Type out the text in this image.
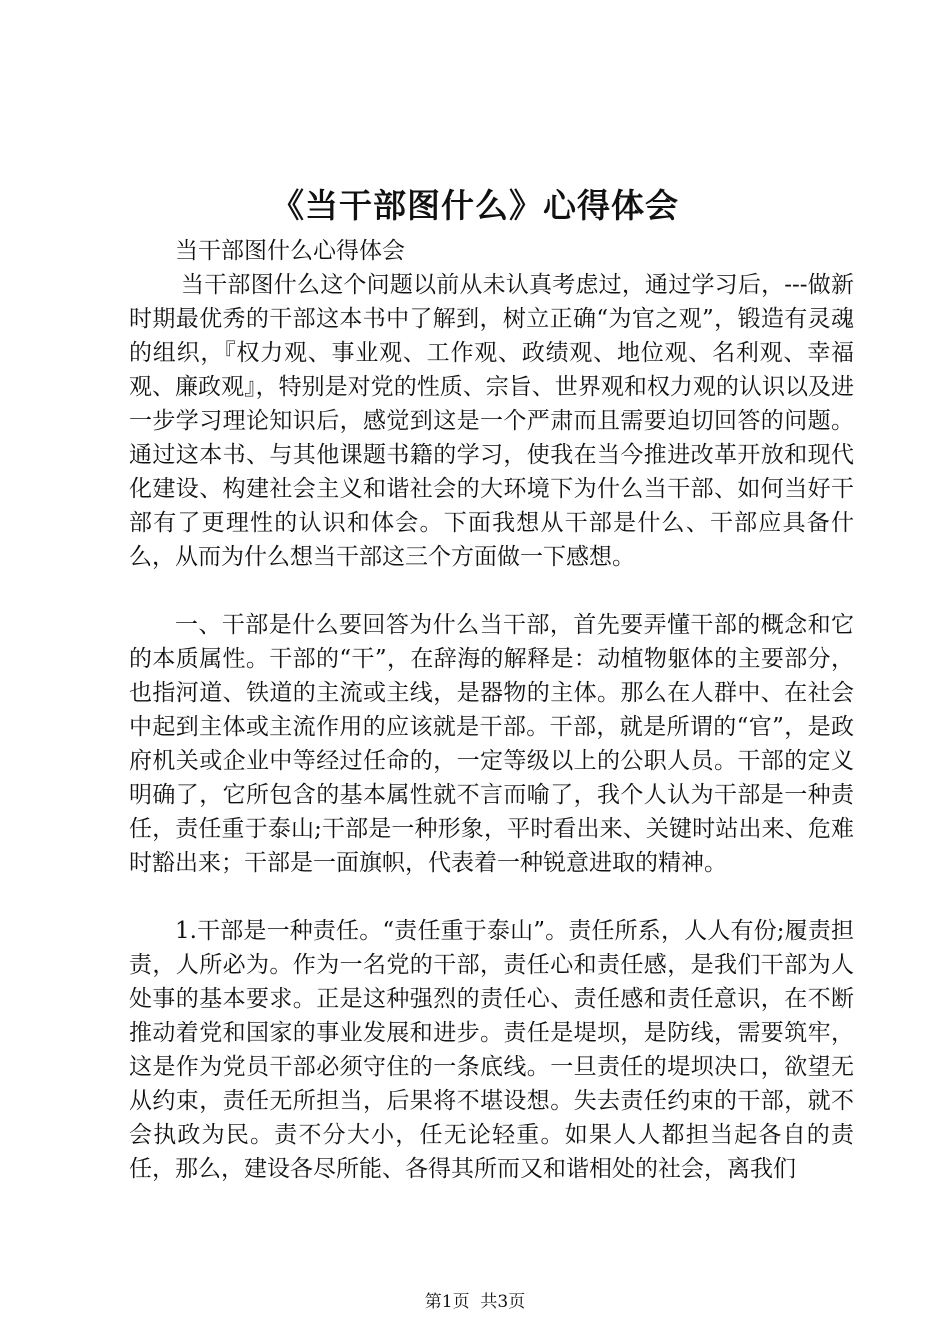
《当干部图什么》心得体会

当干部图什么心得体会

当干部图什么这个问题以前从未认真考虑过，通过学习后，---做新时期最优秀的干部这本书中了解到，树立正确“为官之观”，锻造有灵魂的组织，『权力观、事业观、工作观、政绩观、地位观、名利观、幸福观、廉政观』，特别是对党的性质、宗旨、世界观和权力观的认识以及进一步学习理论知识后，感觉到这是一个严肃而且需要迫切回答的问题。通过这本书、与其他课题书籍的学习，使我在当今推进改革开放和现代化建设、构建社会主义和谐社会的大环境下为什么当干部、如何当好干部有了更理性的认识和体会。下面我想从干部是什么、干部应具备什么，从而为什么想当干部这三个方面做一下感想。

一、干部是什么要回答为什么当干部，首先要弄懂干部的概念和它的本质属性。干部的“干”，在辞海的解释是：动植物躯体的主要部分，也指河道、铁道的主流或主线，是器物的主体。那么在人群中、在社会中起到主体或主流作用的应该就是干部。干部，就是所谓的“官”，是政府机关或企业中等经过任命的，一定等级以上的公职人员。干部的定义明确了，它所包含的基本属性就不言而喻了，我个人认为干部是一种责任，责任重于泰山;干部是一种形象，平时看出来、关键时站出来、危难时豁出来；干部是一面旗帜，代表着一种锐意进取的精神。

1.干部是一种责任。“责任重于泰山”。责任所系，人人有份;履责担责，人所必为。作为一名党的干部，责任心和责任感，是我们干部为人处事的基本要求。正是这种强烈的责任心、责任感和责任意识，在不断推动着党和国家的事业发展和进步。责任是堤坝，是防线，需要筑牢，这是作为党员干部必须守住的一条底线。一旦责任的堤坝决口，欲望无从约束，责任无所担当，后果将不堪设想。失去责任约束的干部，就不会执政为民。责不分大小，任无论轻重。如果人人都担当起各自的责任，那么，建设各尽所能、各得其所而又和谐相处的社会，离我们

第1页  共3页
